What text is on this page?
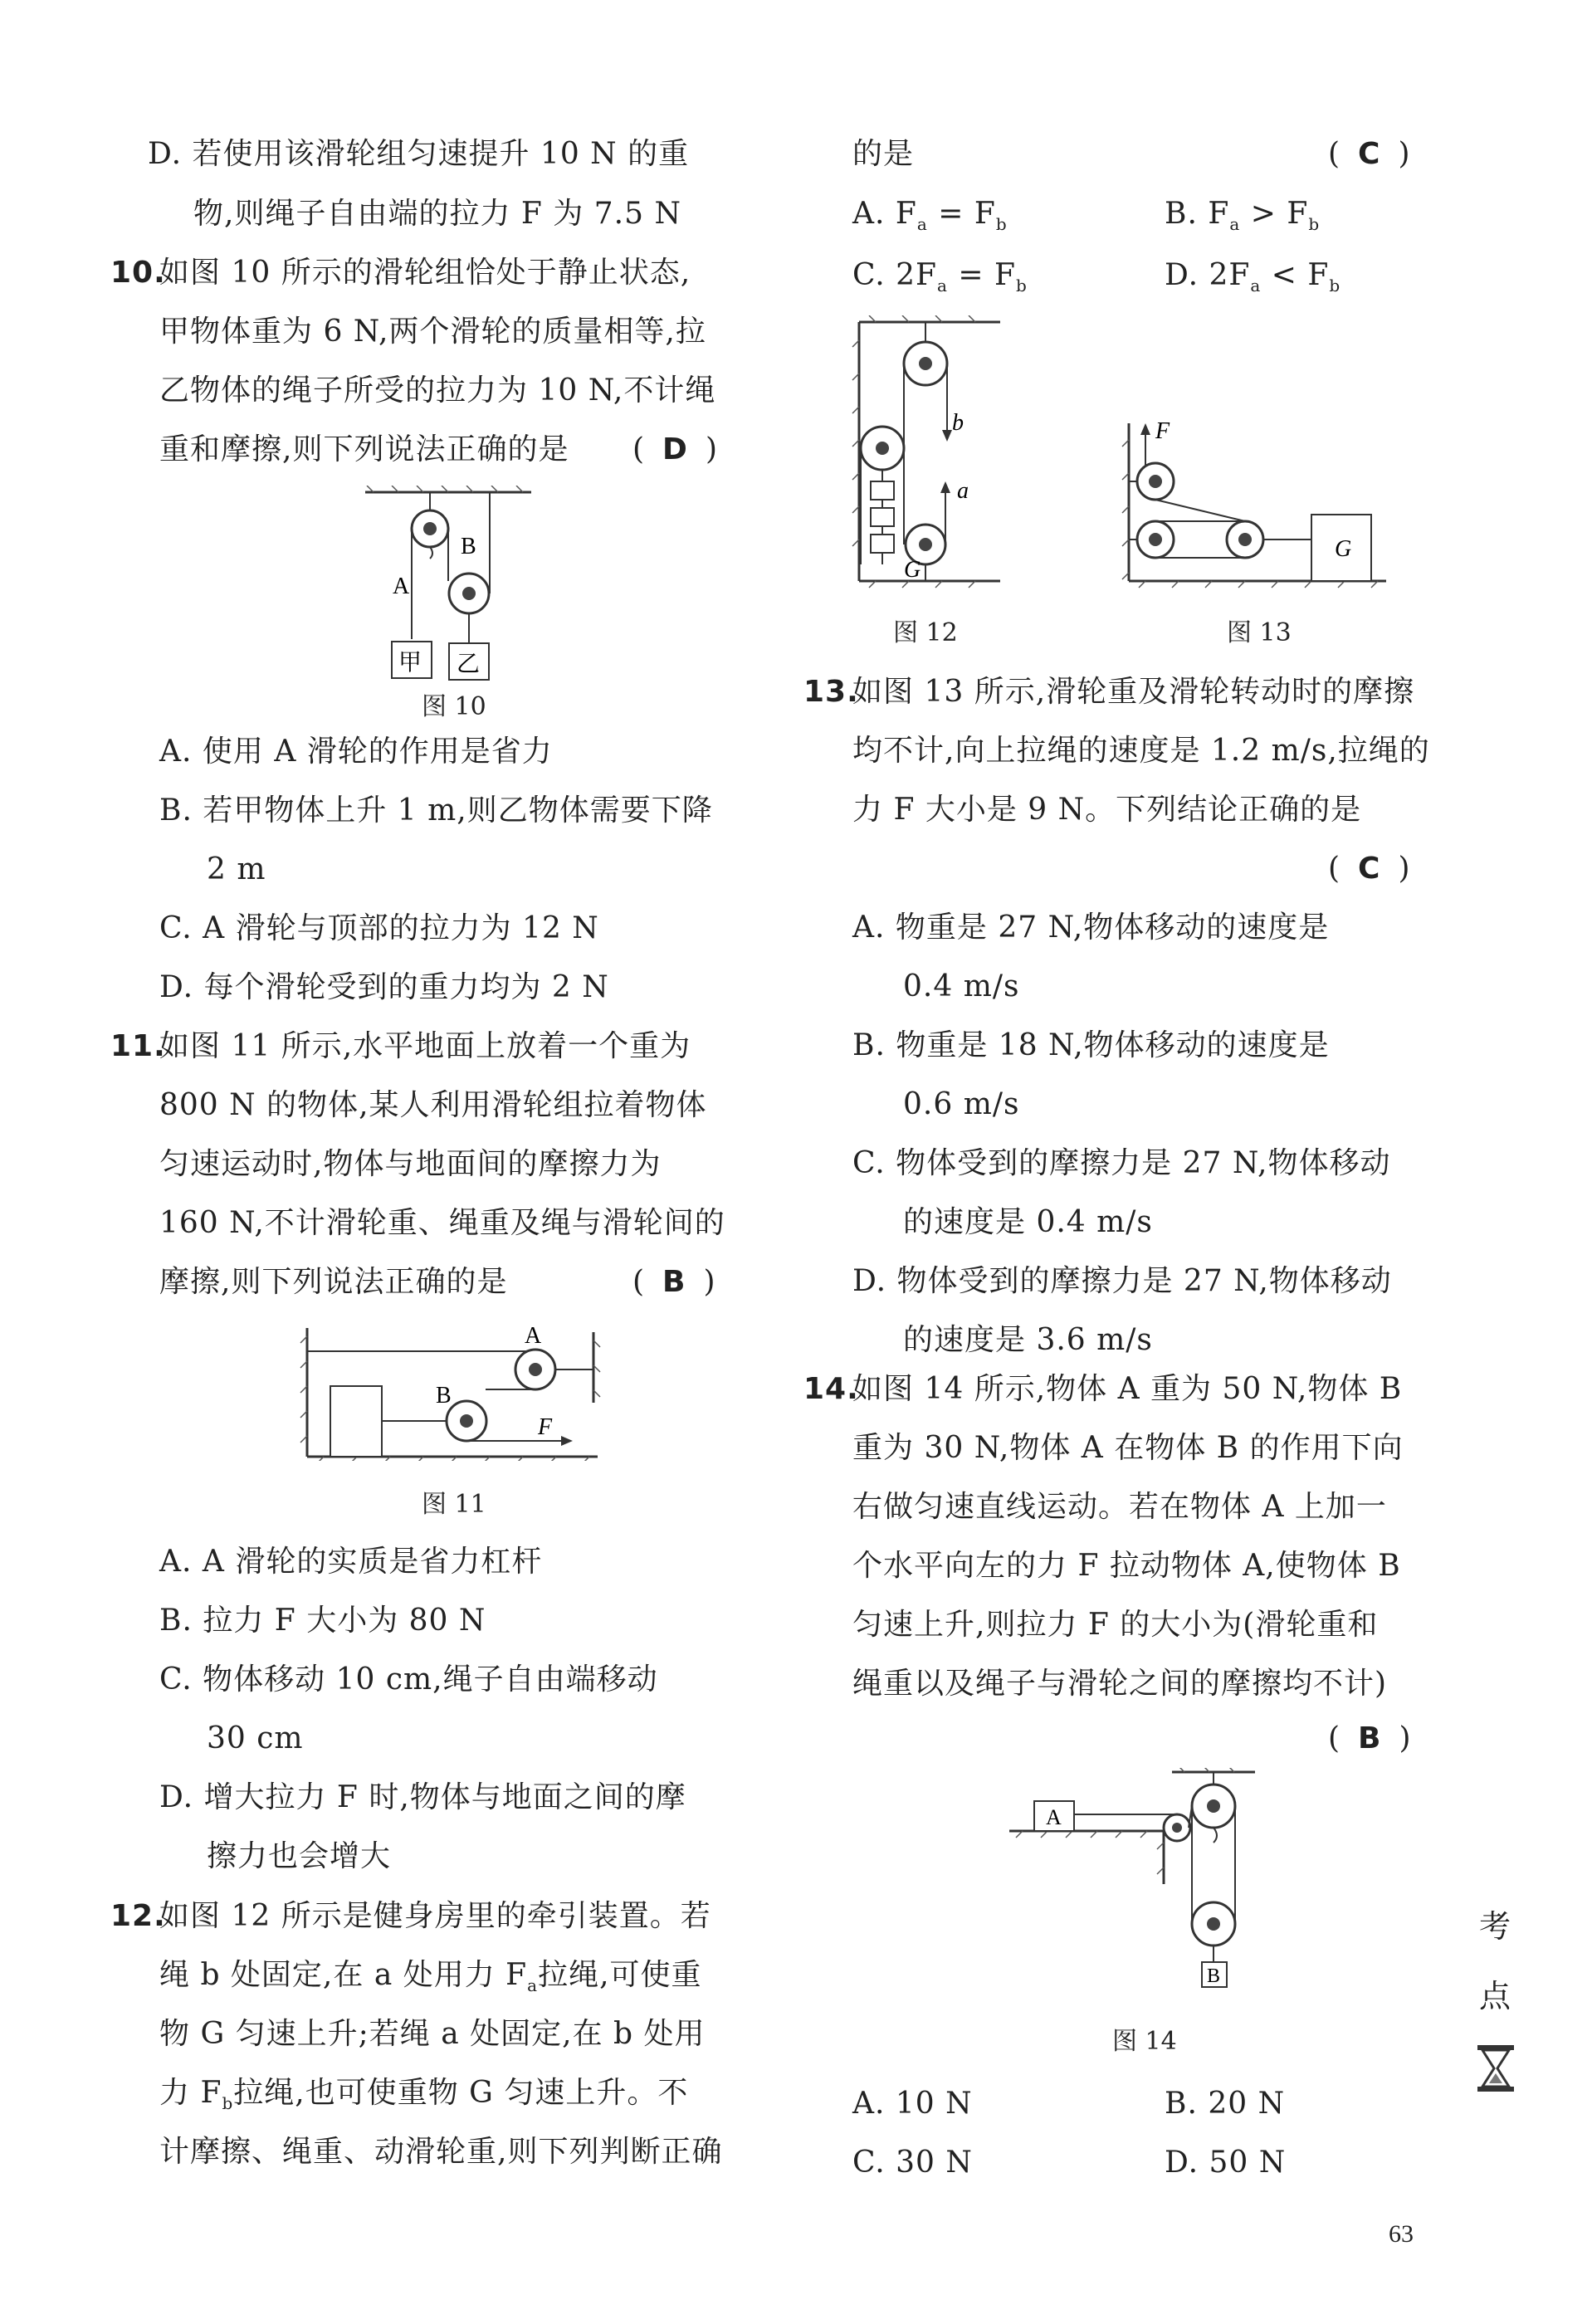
D. 若使用该滑轮组匀速提升 10 N 的重
物,则绳子自由端的拉力 F 为 7.5 N
10.
如图 10 所示的滑轮组恰处于静止状态,
甲物体重为 6 N,两个滑轮的质量相等,拉
乙物体的绳子所受的拉力为 10 N,不计绳
重和摩擦,则下列说法正确的是 ( D )
A
B
甲 乙
图 10
A. 使用 A 滑轮的作用是省力
B. 若甲物体上升 1 m,则乙物体需要下降
2 m
C. A 滑轮与顶部的拉力为 12 N
D. 每个滑轮受到的重力均为 2 N
11.
如图 11 所示,水平地面上放着一个重为
800 N 的物体,某人利用滑轮组拉着物体
匀速运动时,物体与地面间的摩擦力为
160 N,不计滑轮重、绳重及绳与滑轮间的
摩擦,则下列说法正确的是	( B )
A
B
F
图 11
A. A 滑轮的实质是省力杠杆
B. 拉力 F 大小为 80 N
C. 物体移动 10 cm,绳子自由端移动
30 cm
D. 增大拉力 F 时,物体与地面之间的摩
擦力也会增大
12.
如图 12 所示是健身房里的牵引装置。若
绳 b 处固定,在 a 处用力 $F_a$拉绳,可使重
物 G 匀速上升;若绳 a 处固定,在 b 处用
力 $F_b$拉绳,也可使重物 G 匀速上升。不
计摩擦、绳重、动滑轮重,则下列判断正确
的是	( C )
A. $F_a = F_b$	B. $F_a > F_b$
C. $2F_a = F_b$	D. $2F_a < F_b$
b
a
G
图 12
F
G
图 13
13.
如图 13 所示,滑轮重及滑轮转动时的摩擦
均不计,向上拉绳的速度是 1.2 m/s,拉绳的
力 F 大小是 9 N。下列结论正确的是
( C )
A. 物重是 27 N,物体移动的速度是
0.4 m/s
B. 物重是 18 N,物体移动的速度是
0.6 m/s
C. 物体受到的摩擦力是 27 N,物体移动
的速度是 0.4 m/s
D. 物体受到的摩擦力是 27 N,物体移动
的速度是 3.6 m/s
14.
如图 14 所示,物体 A 重为 50 N,物体 B
重为 30 N,物体 A 在物体 B 的作用下向
右做匀速直线运动。若在物体 A 上加一
个水平向左的力 F 拉动物体 A,使物体 B
匀速上升,则拉力 F 的大小为(滑轮重和
绳重以及绳子与滑轮之间的摩擦均不计)
( B )
A
B
图 14
A. 10 N	B. 20 N
C. 30 N	D. 50 N
考
点
63
